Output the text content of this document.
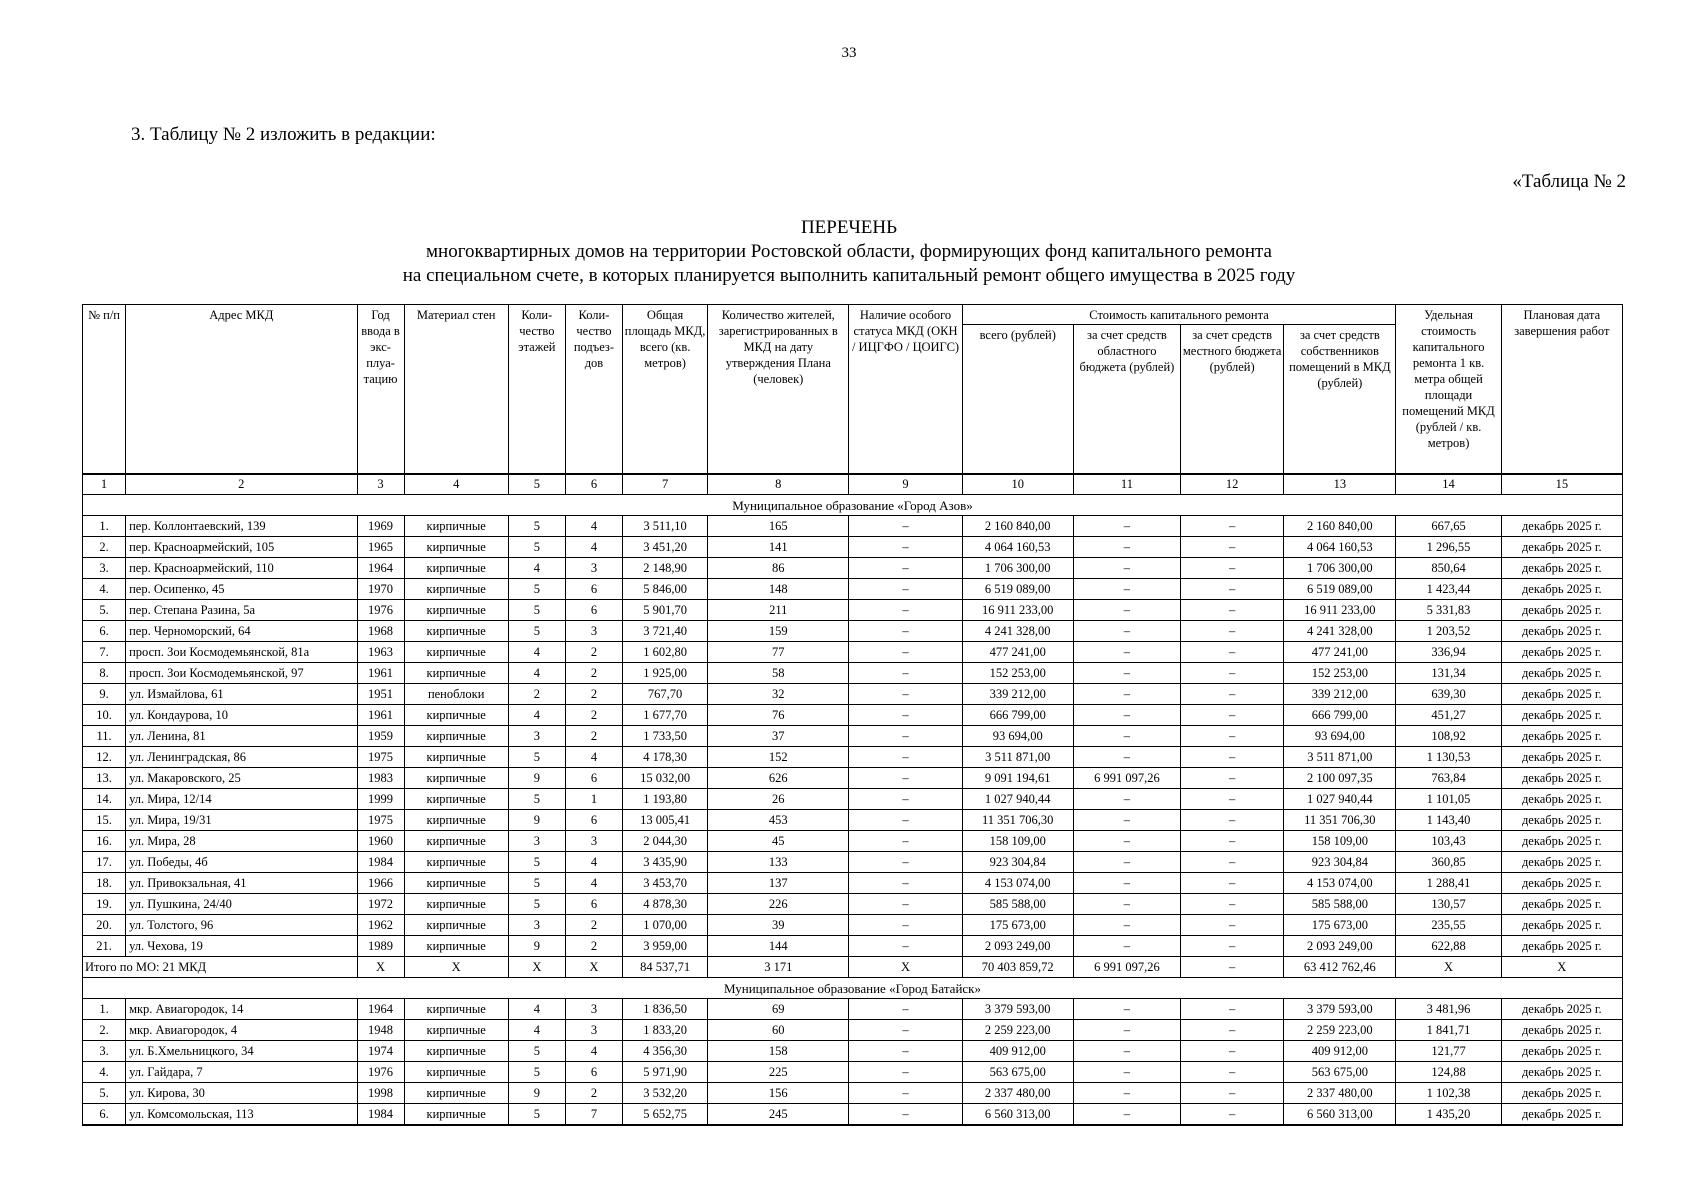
33
3. Таблицу № 2 изложить в редакции:
«Таблица № 2
ПЕРЕЧЕНЬ
многоквартирных домов на территории Ростовской области, формирующих фонд капитального ремонта
на специальном счете, в которых планируется выполнить капитальный ремонт общего имущества в 2025 году
№ п/п	Адрес МКД	Год ввода в экс- плуа- тацию	Материал стен	Коли- чество этажей	Коли- чество подъез- дов	Общая площадь МКД, всего (кв. метров)	Количество жителей, зарегистрированных в МКД на дату утверждения Плана (человек)	Наличие особого статуса МКД (ОКН / ИЦГФО / ЦОИГС)	Стоимость капитального ремонта				Удельная стоимость капитального ремонта 1 кв. метра общей площади помещений МКД (рублей / кв. метров)	Плановая дата завершения работ
									всего (рублей)	за счет средств областного бюджета (рублей)	за счет средств местного бюджета (рублей)	за счет средств собственников помещений в МКД (рублей)		
1	2	3	4	5	6	7	8	9	10	11	12	13	14	15
Муниципальное образование «Город Азов»														
1.	пер. Коллонтаевский, 139	1969	кирпичные	5	4	3 511,10	165	–	2 160 840,00	–	–	2 160 840,00	667,65	декабрь 2025 г.
2.	пер. Красноармейский, 105	1965	кирпичные	5	4	3 451,20	141	–	4 064 160,53	–	–	4 064 160,53	1 296,55	декабрь 2025 г.
3.	пер. Красноармейский, 110	1964	кирпичные	4	3	2 148,90	86	–	1 706 300,00	–	–	1 706 300,00	850,64	декабрь 2025 г.
4.	пер. Осипенко, 45	1970	кирпичные	5	6	5 846,00	148	–	6 519 089,00	–	–	6 519 089,00	1 423,44	декабрь 2025 г.
5.	пер. Степана Разина, 5а	1976	кирпичные	5	6	5 901,70	211	–	16 911 233,00	–	–	16 911 233,00	5 331,83	декабрь 2025 г.
6.	пер. Черноморский, 64	1968	кирпичные	5	3	3 721,40	159	–	4 241 328,00	–	–	4 241 328,00	1 203,52	декабрь 2025 г.
7.	просп. Зои Космодемьянской, 81а	1963	кирпичные	4	2	1 602,80	77	–	477 241,00	–	–	477 241,00	336,94	декабрь 2025 г.
8.	просп. Зои Космодемьянской, 97	1961	кирпичные	4	2	1 925,00	58	–	152 253,00	–	–	152 253,00	131,34	декабрь 2025 г.
9.	ул. Измайлова, 61	1951	пеноблоки	2	2	767,70	32	–	339 212,00	–	–	339 212,00	639,30	декабрь 2025 г.
10.	ул. Кондаурова, 10	1961	кирпичные	4	2	1 677,70	76	–	666 799,00	–	–	666 799,00	451,27	декабрь 2025 г.
11.	ул. Ленина, 81	1959	кирпичные	3	2	1 733,50	37	–	93 694,00	–	–	93 694,00	108,92	декабрь 2025 г.
12.	ул. Ленинградская, 86	1975	кирпичные	5	4	4 178,30	152	–	3 511 871,00	–	–	3 511 871,00	1 130,53	декабрь 2025 г.
13.	ул. Макаровского, 25	1983	кирпичные	9	6	15 032,00	626	–	9 091 194,61	6 991 097,26	–	2 100 097,35	763,84	декабрь 2025 г.
14.	ул. Мира, 12/14	1999	кирпичные	5	1	1 193,80	26	–	1 027 940,44	–	–	1 027 940,44	1 101,05	декабрь 2025 г.
15.	ул. Мира, 19/31	1975	кирпичные	9	6	13 005,41	453	–	11 351 706,30	–	–	11 351 706,30	1 143,40	декабрь 2025 г.
16.	ул. Мира, 28	1960	кирпичные	3	3	2 044,30	45	–	158 109,00	–	–	158 109,00	103,43	декабрь 2025 г.
17.	ул. Победы, 4б	1984	кирпичные	5	4	3 435,90	133	–	923 304,84	–	–	923 304,84	360,85	декабрь 2025 г.
18.	ул. Привокзальная, 41	1966	кирпичные	5	4	3 453,70	137	–	4 153 074,00	–	–	4 153 074,00	1 288,41	декабрь 2025 г.
19.	ул. Пушкина, 24/40	1972	кирпичные	5	6	4 878,30	226	–	585 588,00	–	–	585 588,00	130,57	декабрь 2025 г.
20.	ул. Толстого, 96	1962	кирпичные	3	2	1 070,00	39	–	175 673,00	–	–	175 673,00	235,55	декабрь 2025 г.
21.	ул. Чехова, 19	1989	кирпичные	9	2	3 959,00	144	–	2 093 249,00	–	–	2 093 249,00	622,88	декабрь 2025 г.
Итого по МО: 21 МКД		X	X	X	X	84 537,71	3 171	X	70 403 859,72	6 991 097,26	–	63 412 762,46	X	X
Муниципальное образование «Город Батайск»														
1.	мкр. Авиагородок, 14	1964	кирпичные	4	3	1 836,50	69	–	3 379 593,00	–	–	3 379 593,00	3 481,96	декабрь 2025 г.
2.	мкр. Авиагородок, 4	1948	кирпичные	4	3	1 833,20	60	–	2 259 223,00	–	–	2 259 223,00	1 841,71	декабрь 2025 г.
3.	ул. Б.Хмельницкого, 34	1974	кирпичные	5	4	4 356,30	158	–	409 912,00	–	–	409 912,00	121,77	декабрь 2025 г.
4.	ул. Гайдара, 7	1976	кирпичные	5	6	5 971,90	225	–	563 675,00	–	–	563 675,00	124,88	декабрь 2025 г.
5.	ул. Кирова, 30	1998	кирпичные	9	2	3 532,20	156	–	2 337 480,00	–	–	2 337 480,00	1 102,38	декабрь 2025 г.
6.	ул. Комсомольская, 113	1984	кирпичные	5	7	5 652,75	245	–	6 560 313,00	–	–	6 560 313,00	1 435,20	декабрь 2025 г.
